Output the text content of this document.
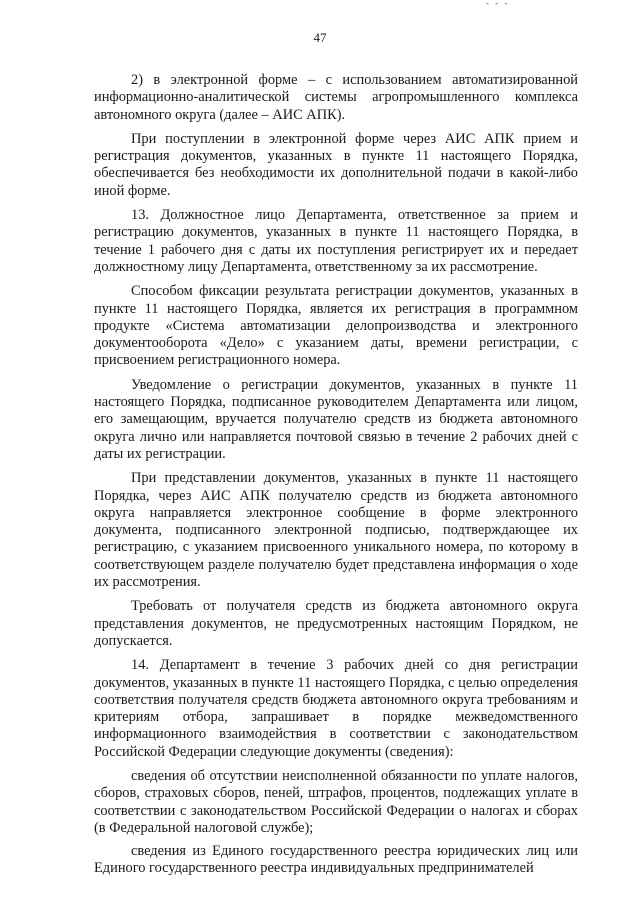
- - -
47

2) в электронной форме – с использованием автоматизированной информационно-аналитической системы агропромышленного комплекса автономного округа (далее – АИС АПК).

При поступлении в электронной форме через АИС АПК прием и регистрация документов, указанных в пункте 11 настоящего Порядка, обеспечивается без необходимости их дополнительной подачи в какой-либо иной форме.

13. Должностное лицо Департамента, ответственное за прием и регистрацию документов, указанных в пункте 11 настоящего Порядка, в течение 1 рабочего дня с даты их поступления регистрирует их и передает должностному лицу Департамента, ответственному за их рассмотрение.

Способом фиксации результата регистрации документов, указанных в пункте 11 настоящего Порядка, является их регистрация в программном продукте «Система автоматизации делопроизводства и электронного документооборота «Дело» с указанием даты, времени регистрации, с присвоением регистрационного номера.

Уведомление о регистрации документов, указанных в пункте 11 настоящего Порядка, подписанное руководителем Департамента или лицом, его замещающим, вручается получателю средств из бюджета автономного округа лично или направляется почтовой связью в течение 2 рабочих дней с даты их регистрации.

При представлении документов, указанных в пункте 11 настоящего Порядка, через АИС АПК получателю средств из бюджета автономного округа направляется электронное сообщение в форме электронного документа, подписанного электронной подписью, подтверждающее их регистрацию, с указанием присвоенного уникального номера, по которому в соответствующем разделе получателю будет представлена информация о ходе их рассмотрения.

Требовать от получателя средств из бюджета автономного округа представления документов, не предусмотренных настоящим Порядком, не допускается.

14. Департамент в течение 3 рабочих дней со дня регистрации документов, указанных в пункте 11 настоящего Порядка, с целью определения соответствия получателя средств бюджета автономного округа требованиям и критериям отбора, запрашивает в порядке межведомственного информационного взаимодействия в соответствии с законодательством Российской Федерации следующие документы (сведения):

сведения об отсутствии неисполненной обязанности по уплате налогов, сборов, страховых сборов, пеней, штрафов, процентов, подлежащих уплате в соответствии с законодательством Российской Федерации о налогах и сборах (в Федеральной налоговой службе);

сведения из Единого государственного реестра юридических лиц или Единого государственного реестра индивидуальных предпринимателей
